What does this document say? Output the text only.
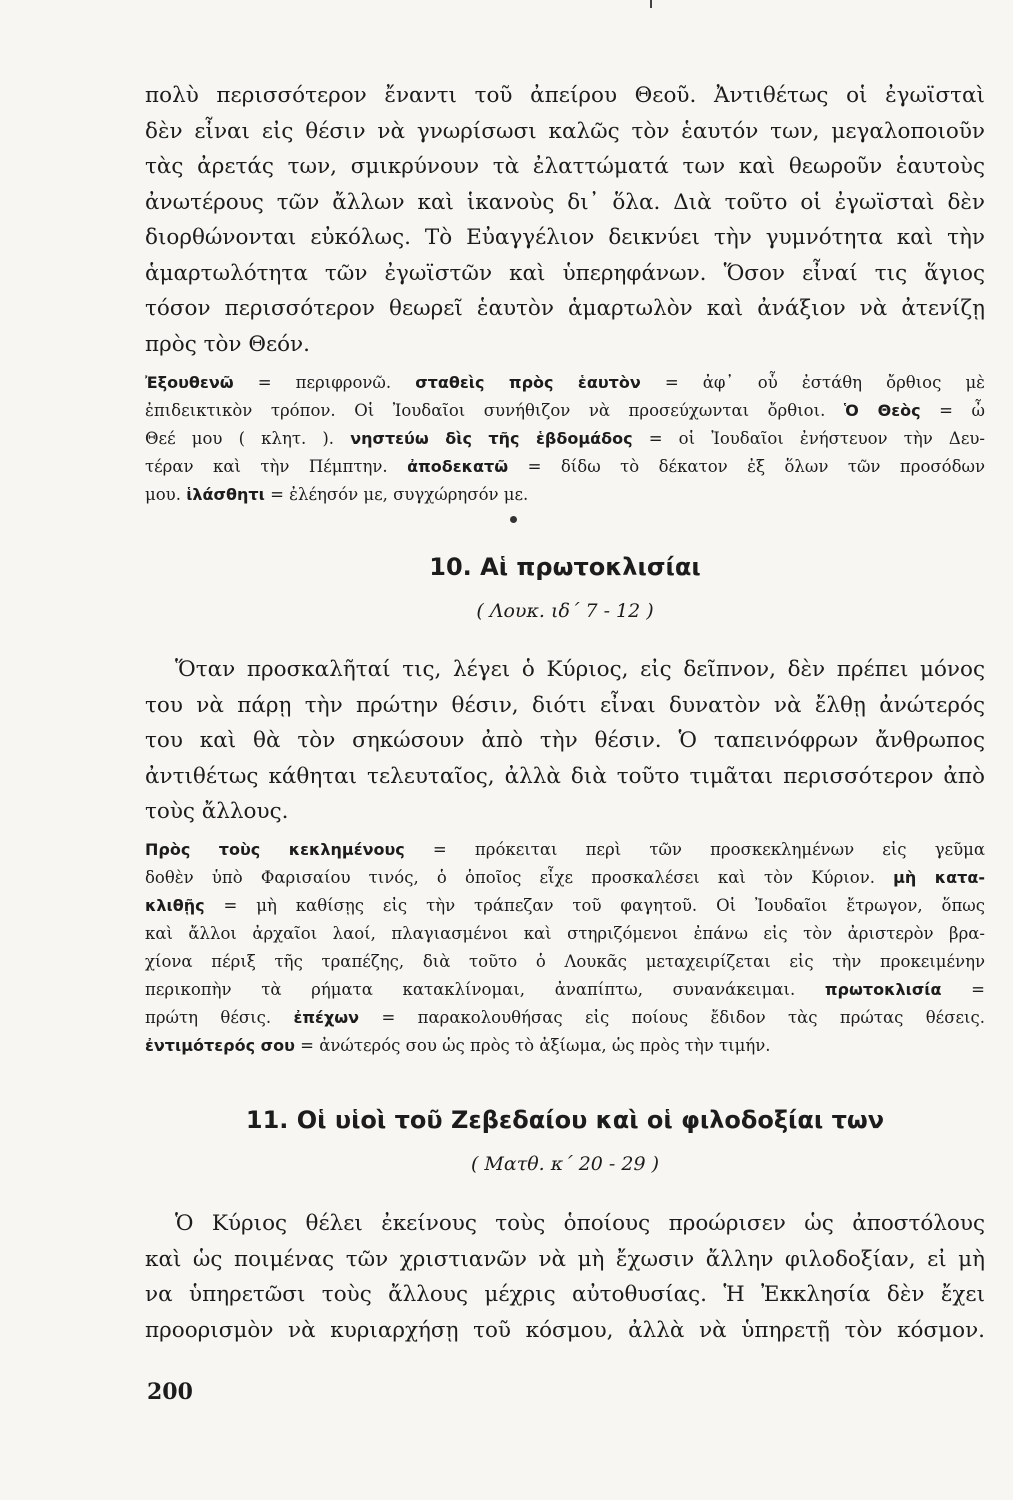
πολὺ περισσότερον ἔναντι τοῦ ἀπείρου Θεοῦ. Ἀντιθέτως οἱ ἐγωϊσταὶ
δὲν εἶναι εἰς θέσιν νὰ γνωρίσωσι καλῶς τὸν ἑαυτόν των, μεγαλοποιοῦν
τὰς ἀρετάς των, σμικρύνουν τὰ ἐλαττώματά των καὶ θεωροῦν ἑαυτοὺς
ἀνωτέρους τῶν ἄλλων καὶ ἱκανοὺς δι᾿ ὅλα. Διὰ τοῦτο οἱ ἐγωϊσταὶ δὲν
διορθώνονται εὐκόλως. Τὸ Εὐαγγέλιον δεικνύει τὴν γυμνότητα καὶ τὴν
ἁμαρτωλότητα τῶν ἐγωϊστῶν καὶ ὑπερηφάνων. Ὅσον εἶναί τις ἅγιος
τόσον περισσότερον θεωρεῖ ἑαυτὸν ἁμαρτωλὸν καὶ ἀνάξιον νὰ ἀτενίζῃ
πρὸς τὸν Θεόν.
Ἐξουθενῶ = περιφρονῶ. σταθεὶς πρὸς ἑαυτὸν = ἀφ᾿ οὗ ἐστάθη ὄρθιος μὲ
ἐπιδεικτικὸν τρόπον. Οἱ Ἰουδαῖοι συνήθιζον νὰ προσεύχωνται ὄρθιοι. Ὁ Θεὸς = ὦ
Θεέ μου ( κλητ. ). νηστεύω δὶς τῆς ἑβδομάδος = οἱ Ἰουδαῖοι ἐνήστευον τὴν Δευ-
τέραν καὶ τὴν Πέμπτην. ἀποδεκατῶ = δίδω τὸ δέκατον ἐξ ὅλων τῶν προσόδων
μου. ἱλάσθητι = ἐλέησόν με, συγχώρησόν με.
10. Αἱ πρωτοκλισίαι
( Λουκ. ιδ´ 7 - 12 )
Ὅταν προσκαλῆταί τις, λέγει ὁ Κύριος, εἰς δεῖπνον, δὲν πρέπει μόνος
του νὰ πάρῃ τὴν πρώτην θέσιν, διότι εἶναι δυνατὸν νὰ ἔλθῃ ἀνώτερός
του καὶ θὰ τὸν σηκώσουν ἀπὸ τὴν θέσιν. Ὁ ταπεινόφρων ἄνθρωπος
ἀντιθέτως κάθηται τελευταῖος, ἀλλὰ διὰ τοῦτο τιμᾶται περισσότερον ἀπὸ
τοὺς ἄλλους.
Πρὸς τοὺς κεκλημένους = πρόκειται περὶ τῶν προσκεκλημένων εἰς γεῦμα
δοθὲν ὑπὸ Φαρισαίου τινός, ὁ ὁποῖος εἶχε προσκαλέσει καὶ τὸν Κύριον. μὴ κατα-
κλιθῇς = μὴ καθίσῃς εἰς τὴν τράπεζαν τοῦ φαγητοῦ. Οἱ Ἰουδαῖοι ἔτρωγον, ὅπως
καὶ ἄλλοι ἀρχαῖοι λαοί, πλαγιασμένοι καὶ στηριζόμενοι ἐπάνω εἰς τὸν ἀριστερὸν βρα-
χίονα πέριξ τῆς τραπέζης, διὰ τοῦτο ὁ Λουκᾶς μεταχειρίζεται εἰς τὴν προκειμένην
περικοπὴν τὰ ρήματα κατακλίνομαι, ἀναπίπτω, συνανάκειμαι. πρωτοκλισία =
πρώτη θέσις. ἐπέχων = παρακολουθήσας εἰς ποίους ἔδιδον τὰς πρώτας θέσεις.
ἐντιμότερός σου = ἀνώτερός σου ὡς πρὸς τὸ ἀξίωμα, ὡς πρὸς τὴν τιμήν.
11. Οἱ υἱοὶ τοῦ Ζεβεδαίου καὶ οἱ φιλοδοξίαι των
( Ματθ. κ´ 20 - 29 )
Ὁ Κύριος θέλει ἐκείνους τοὺς ὁποίους προώρισεν ὡς ἀποστόλους
καὶ ὡς ποιμένας τῶν χριστιανῶν νὰ μὴ ἔχωσιν ἄλλην φιλοδοξίαν, εἰ μὴ
να ὑπηρετῶσι τοὺς ἄλλους μέχρις αὐτοθυσίας. Ἡ Ἐκκλησία δὲν ἔχει
προορισμὸν νὰ κυριαρχήσῃ τοῦ κόσμου, ἀλλὰ νὰ ὑπηρετῇ τὸν κόσμον.
200
